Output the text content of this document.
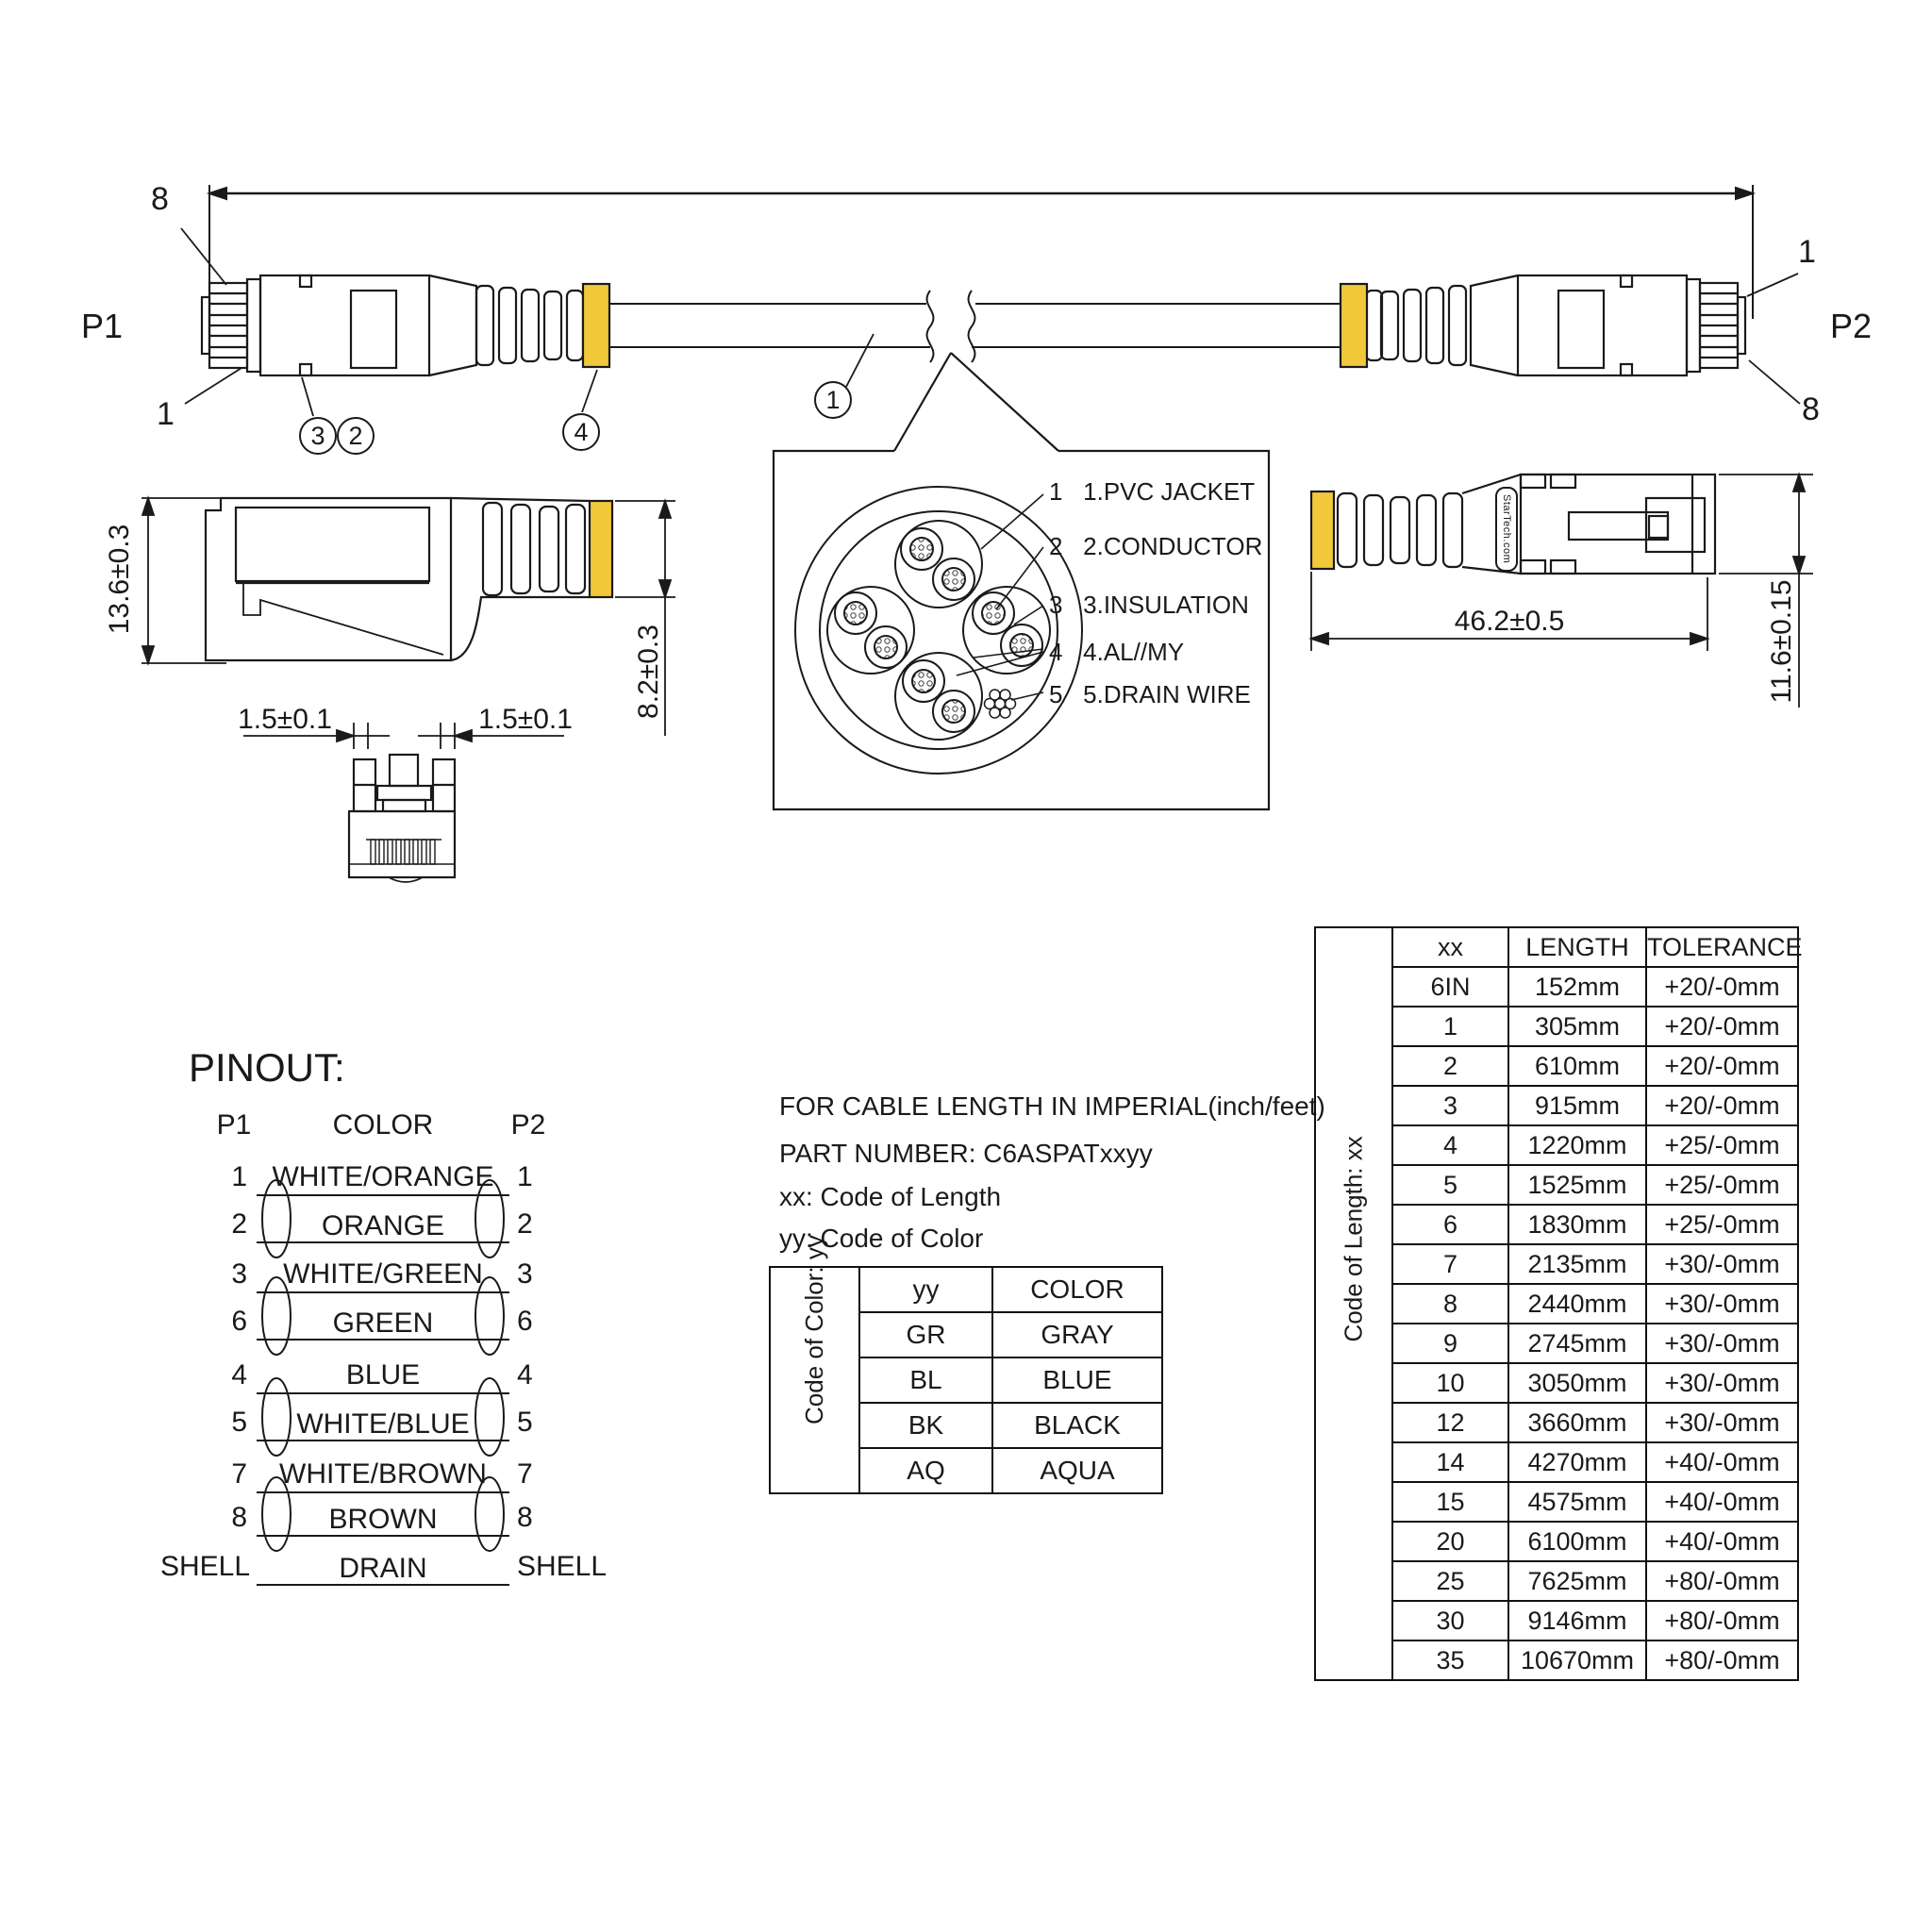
8
P1
1
1
P2
8
3 2	4
1
1 1.PVC JACKET
2 2.CONDUCTOR
3 3.INSULATION
4 4.AL//MY
5 5.DRAIN WIRE
13.6±0.3
8.2±0.3
1.5±0.1	1.5±0.1
46.2±0.5	11.6±0.15
StarTech.com
PINOUT:
P1	COLOR	P2
1 WHITE/ORANGE 1
2	ORANGE	2
3	WHITE/GREEN	3
6	GREEN	6
4	BLUE	4
5	WHITE/BLUE	5
7	WHITE/BROWN	7
8	BROWN	8
SHELL	DRAIN	SHELL
FOR CABLE LENGTH IN IMPERIAL(inch/feet)
PART NUMBER: C6ASPATxxyy
xx: Code of Length
yy: Code of Color
Code of Color: yy	yy	COLOR
	GR	GRAY
	BL	BLUE
	BK	BLACK
	AQ	AQUA
Code of Length: xx	xx	LENGTH	TOLERANCE
	6IN	152mm	+20/-0mm
	1	305mm	+20/-0mm
	2	610mm	+20/-0mm
	3	915mm	+20/-0mm
	4	1220mm	+25/-0mm
	5	1525mm	+25/-0mm
	6	1830mm	+25/-0mm
	7	2135mm	+30/-0mm
	8	2440mm	+30/-0mm
	9	2745mm	+30/-0mm
	10	3050mm	+30/-0mm
	12	3660mm	+30/-0mm
	14	4270mm	+40/-0mm
	15	4575mm	+40/-0mm
	20	6100mm	+40/-0mm
	25	7625mm	+80/-0mm
	30	9146mm	+80/-0mm
	35	10670mm	+80/-0mm
